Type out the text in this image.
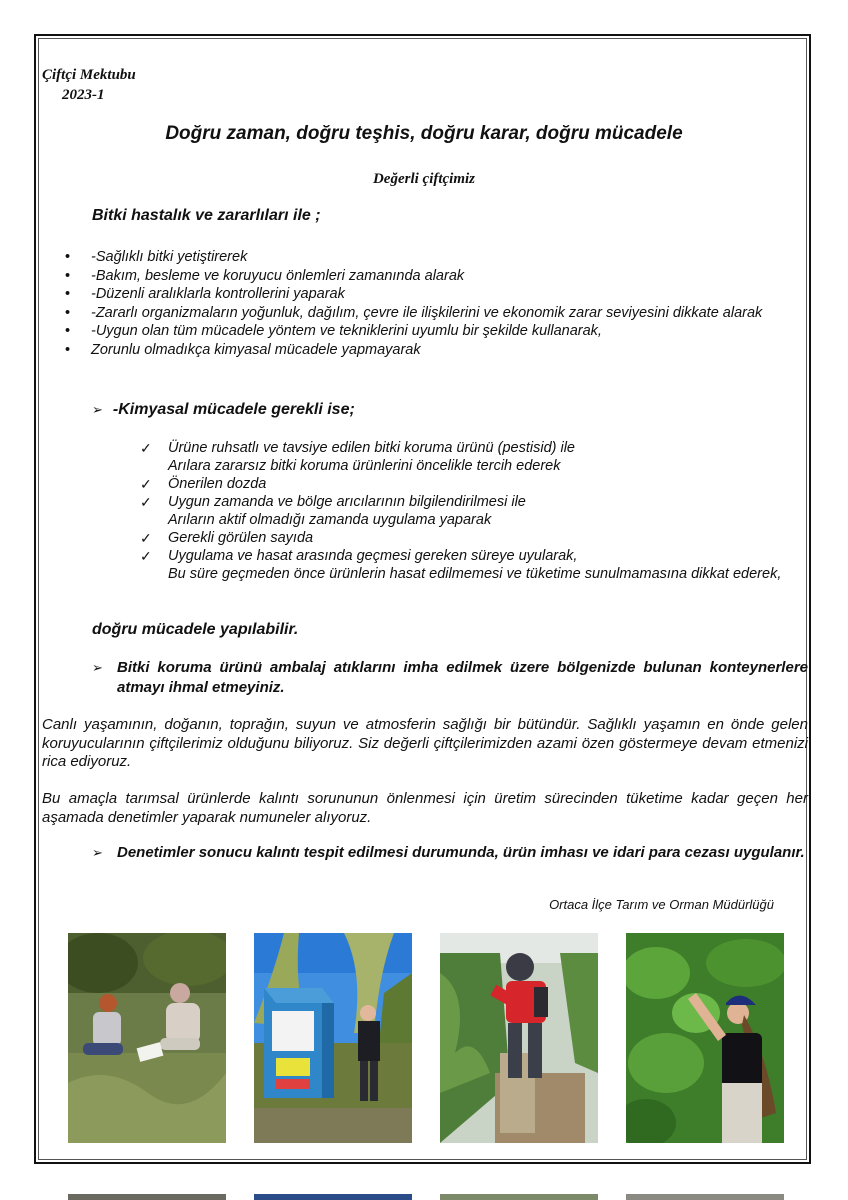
Çiftçi Mektubu
2023-1
Doğru zaman, doğru teşhis, doğru karar, doğru mücadele
Değerli çiftçimiz
Bitki hastalık ve zararlıları ile ;
• -Sağlıklı bitki yetiştirerek
• -Bakım, besleme ve koruyucu önlemleri zamanında alarak
• -Düzenli aralıklarla kontrollerini yaparak
• -Zararlı organizmaların yoğunluk, dağılım, çevre ile ilişkilerini ve ekonomik zarar seviyesini dikkate alarak
• -Uygun olan tüm mücadele yöntem ve tekniklerini uyumlu bir şekilde kullanarak,
• Zorunlu olmadıkça kimyasal mücadele yapmayarak
➢ -Kimyasal mücadele gerekli ise;
✓ Ürüne ruhsatlı ve tavsiye edilen bitki koruma ürünü (pestisid) ile
Arılara zararsız bitki koruma ürünlerini öncelikle tercih ederek
✓ Önerilen dozda
✓ Uygun zamanda ve bölge arıcılarının bilgilendirilmesi ile
Arıların aktif olmadığı zamanda uygulama yaparak
✓ Gerekli görülen sayıda
✓ Uygulama ve hasat arasında geçmesi gereken süreye uyularak,
Bu süre geçmeden önce ürünlerin hasat edilmemesi ve tüketime sunulmamasına dikkat ederek,
doğru mücadele yapılabilir.
➢ Bitki koruma ürünü ambalaj atıklarını imha edilmek üzere bölgenizde bulunan konteynerlere atmayı ihmal etmeyiniz.
Canlı yaşamının, doğanın, toprağın, suyun ve atmosferin sağlığı bir bütündür. Sağlıklı yaşamın en önde gelen koruyucularının çiftçilerimiz olduğunu biliyoruz. Siz değerli çiftçilerimizden azami özen göstermeye devam etmenizi rica ediyoruz.
Bu amaçla tarımsal ürünlerde kalıntı sorununun önlenmesi için üretim sürecinden tüketime kadar geçen her aşamada denetimler yaparak numuneler alıyoruz.
➢ Denetimler sonucu kalıntı tespit edilmesi durumunda, ürün imhası ve idari para cezası uygulanır.
Ortaca İlçe Tarım ve Orman Müdürlüğü
